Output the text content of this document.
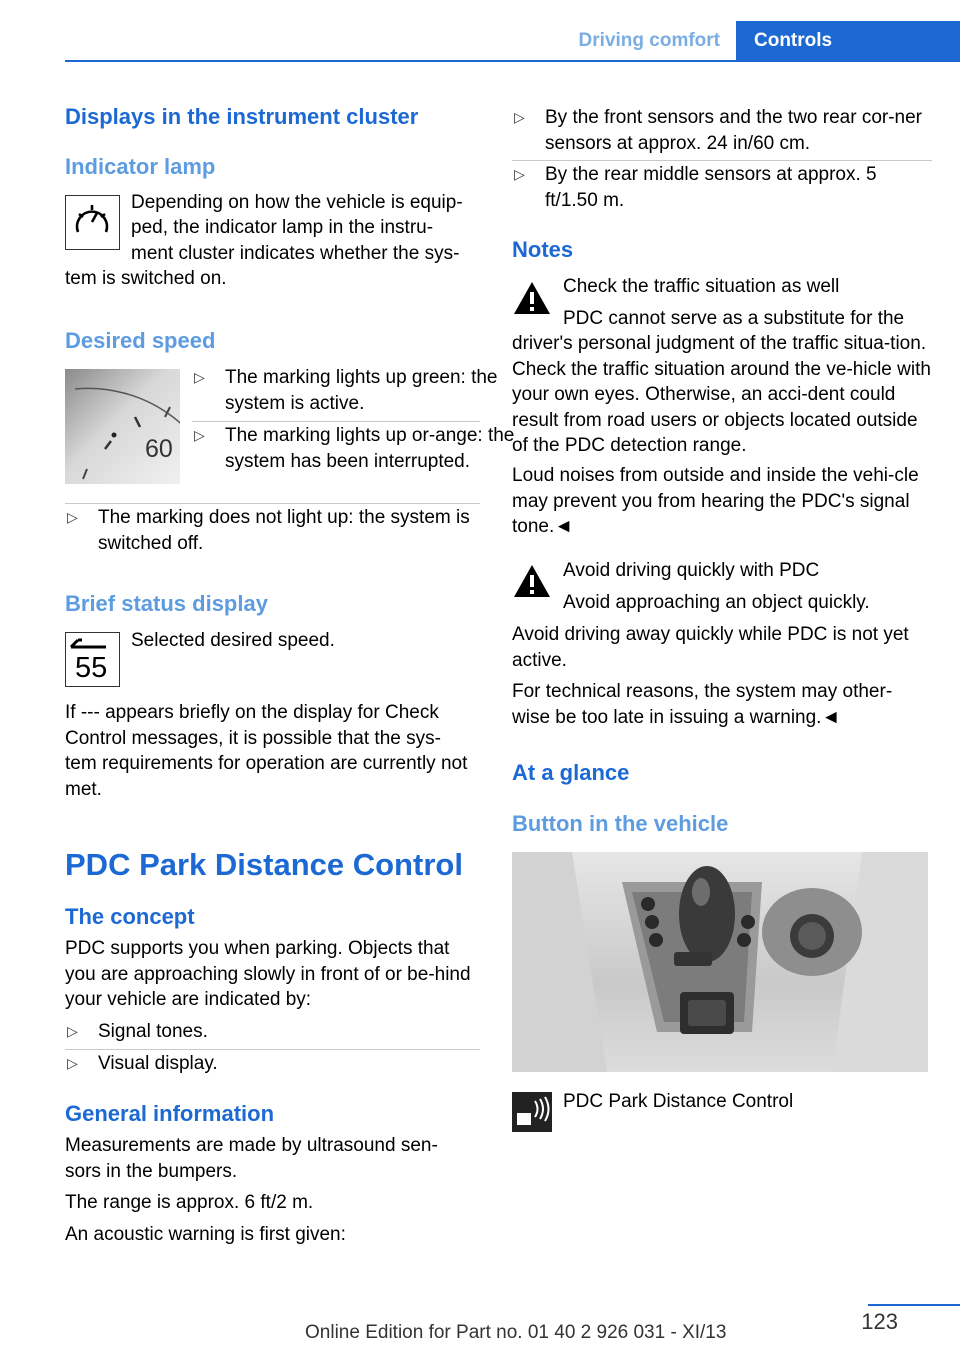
Driving comfort Controls
Displays in the instrument cluster
Indicator lamp
Depending on how the vehicle is equip-
ped, the indicator lamp in the instru-
ment cluster indicates whether the sys-
tem is switched on.
Desired speed
60
▷ The marking lights up green: the system is active.
▷ The marking lights up or-ange: the system has been interrupted.
▷ The marking does not light up: the system is switched off.
Brief status display
55
Selected desired speed.
If --- appears briefly on the display for Check Control messages, it is possible that the sys-tem requirements for operation are currently not met.
PDC Park Distance Control
The concept
PDC supports you when parking. Objects that you are approaching slowly in front of or be-hind your vehicle are indicated by:
▷ Signal tones.
▷ Visual display.
General information
Measurements are made by ultrasound sen-sors in the bumpers.
The range is approx. 6 ft/2 m.
An acoustic warning is first given:
▷ By the front sensors and the two rear cor-ner sensors at approx. 24 in/60 cm.
▷ By the rear middle sensors at approx. 5 ft/1.50 m.
Notes
Check the traffic situation as well
PDC cannot serve as a substitute for the
driver's personal judgment of the traffic situa-tion. Check the traffic situation around the ve-hicle with your own eyes. Otherwise, an acci-dent could result from road users or objects located outside of the PDC detection range.
Loud noises from outside and inside the vehi-cle may prevent you from hearing the PDC's signal tone.◄
Avoid driving quickly with PDC
Avoid approaching an object quickly.
Avoid driving away quickly while PDC is not yet active.
For technical reasons, the system may other-wise be too late in issuing a warning.◄
At a glance
Button in the vehicle
PDC Park Distance Control
123
Online Edition for Part no. 01 40 2 926 031 - XI/13
